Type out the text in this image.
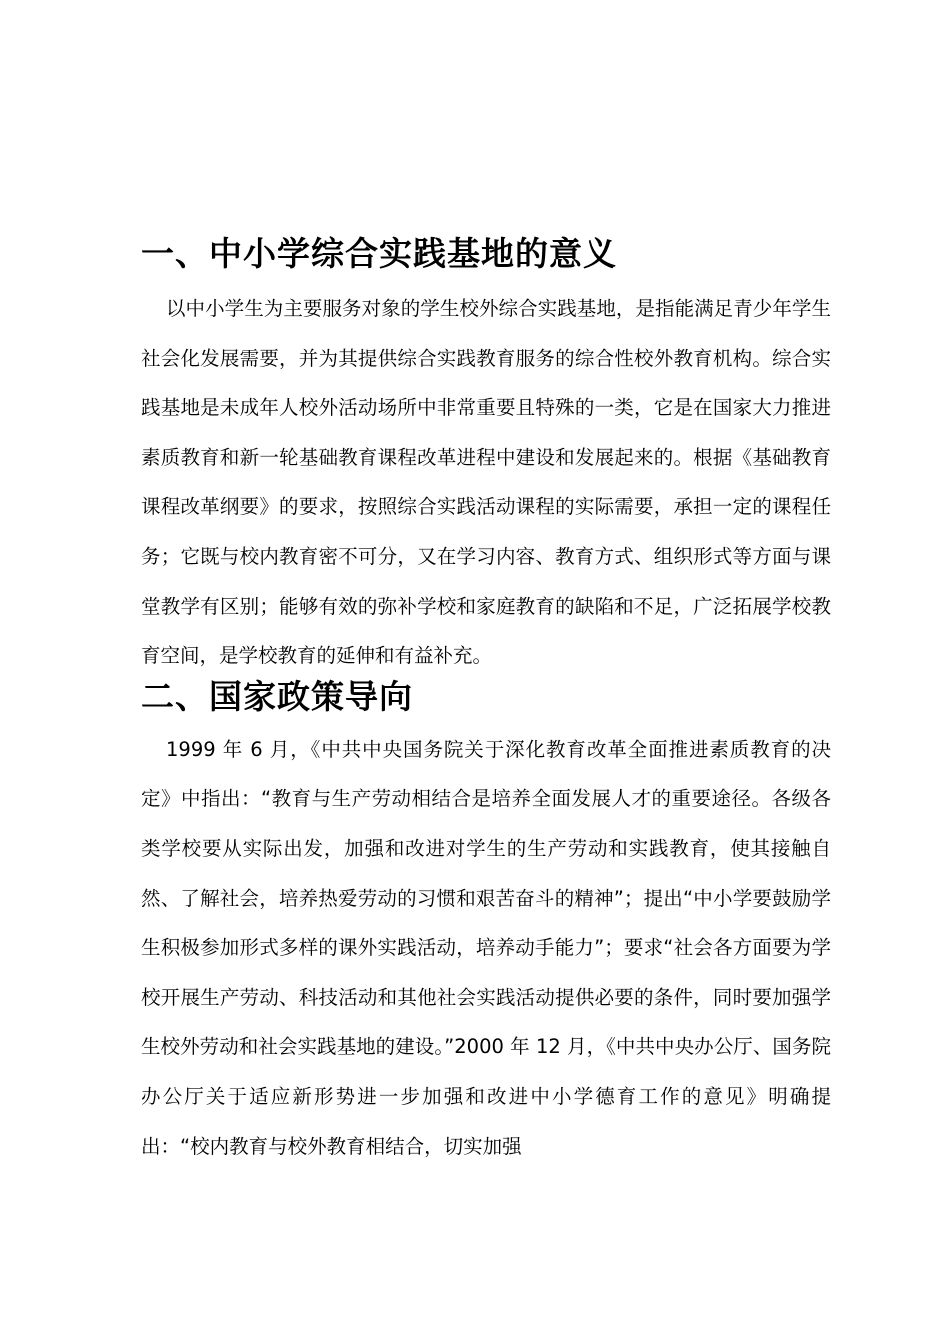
一、中小学综合实践基地的意义

以中小学生为主要服务对象的学生校外综合实践基地，是指能满足青少年学生社会化发展需要，并为其提供综合实践教育服务的综合性校外教育机构。综合实践基地是未成年人校外活动场所中非常重要且特殊的一类，它是在国家大力推进素质教育和新一轮基础教育课程改革进程中建设和发展起来的。根据《基础教育课程改革纲要》的要求，按照综合实践活动课程的实际需要，承担一定的课程任务；它既与校内教育密不可分，又在学习内容、教育方式、组织形式等方面与课堂教学有区别；能够有效的弥补学校和家庭教育的缺陷和不足，广泛拓展学校教育空间，是学校教育的延伸和有益补充。

二、国家政策导向

1999 年 6 月，《中共中央国务院关于深化教育改革全面推进素质教育的决定》中指出：“教育与生产劳动相结合是培养全面发展人才的重要途径。各级各类学校要从实际出发，加强和改进对学生的生产劳动和实践教育，使其接触自然、了解社会，培养热爱劳动的习惯和艰苦奋斗的精神”；提出“中小学要鼓励学生积极参加形式多样的课外实践活动，培养动手能力”；要求“社会各方面要为学校开展生产劳动、科技活动和其他社会实践活动提供必要的条件，同时要加强学生校外劳动和社会实践基地的建设。”2000 年 12 月，《中共中央办公厅、国务院办公厅关于适应新形势进一步加强和改进中小学德育工作的意见》明确提出：“校内教育与校外教育相结合，切实加强
